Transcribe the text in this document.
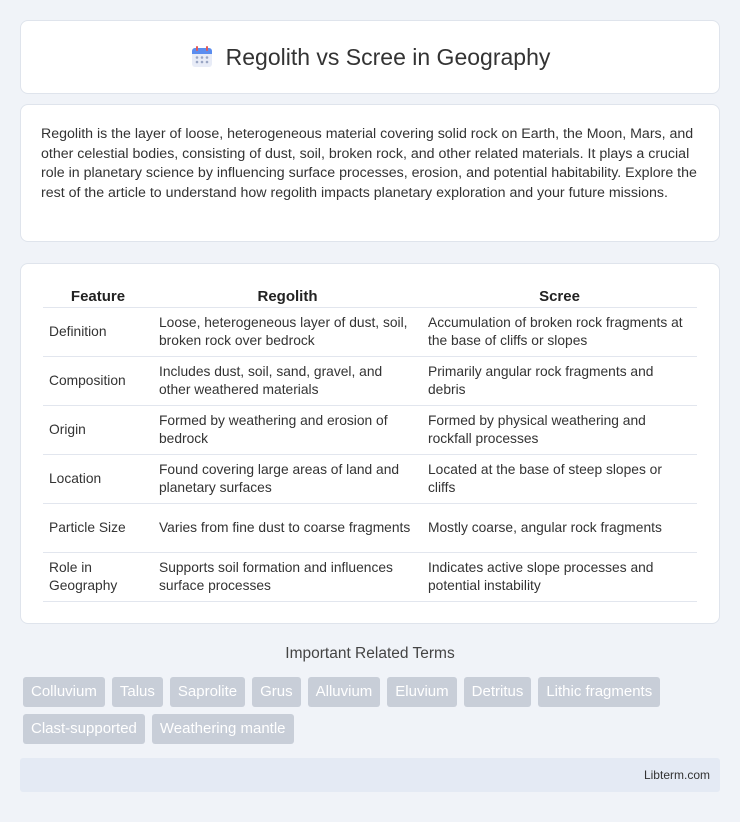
Regolith vs Scree in Geography

Regolith is the layer of loose, heterogeneous material covering solid rock on Earth, the Moon, Mars, and other celestial bodies, consisting of dust, soil, broken rock, and other related materials. It plays a crucial role in planetary science by influencing surface processes, erosion, and potential habitability. Explore the rest of the article to understand how regolith impacts planetary exploration and your future missions.

Feature	Regolith	Scree
Definition	Loose, heterogeneous layer of dust, soil, broken rock over bedrock	Accumulation of broken rock fragments at the base of cliffs or slopes
Composition	Includes dust, soil, sand, gravel, and other weathered materials	Primarily angular rock fragments and debris
Origin	Formed by weathering and erosion of bedrock	Formed by physical weathering and rockfall processes
Location	Found covering large areas of land and planetary surfaces	Located at the base of steep slopes or cliffs
Particle Size	Varies from fine dust to coarse fragments	Mostly coarse, angular rock fragments
Role in Geography	Supports soil formation and influences surface processes	Indicates active slope processes and potential instability
Important Related Terms
Colluvium	Talus	Saprolite	Grus	Alluvium	Eluvium	Detritus	Lithic fragments
Clast-supported	Weathering mantle
Libterm.com
